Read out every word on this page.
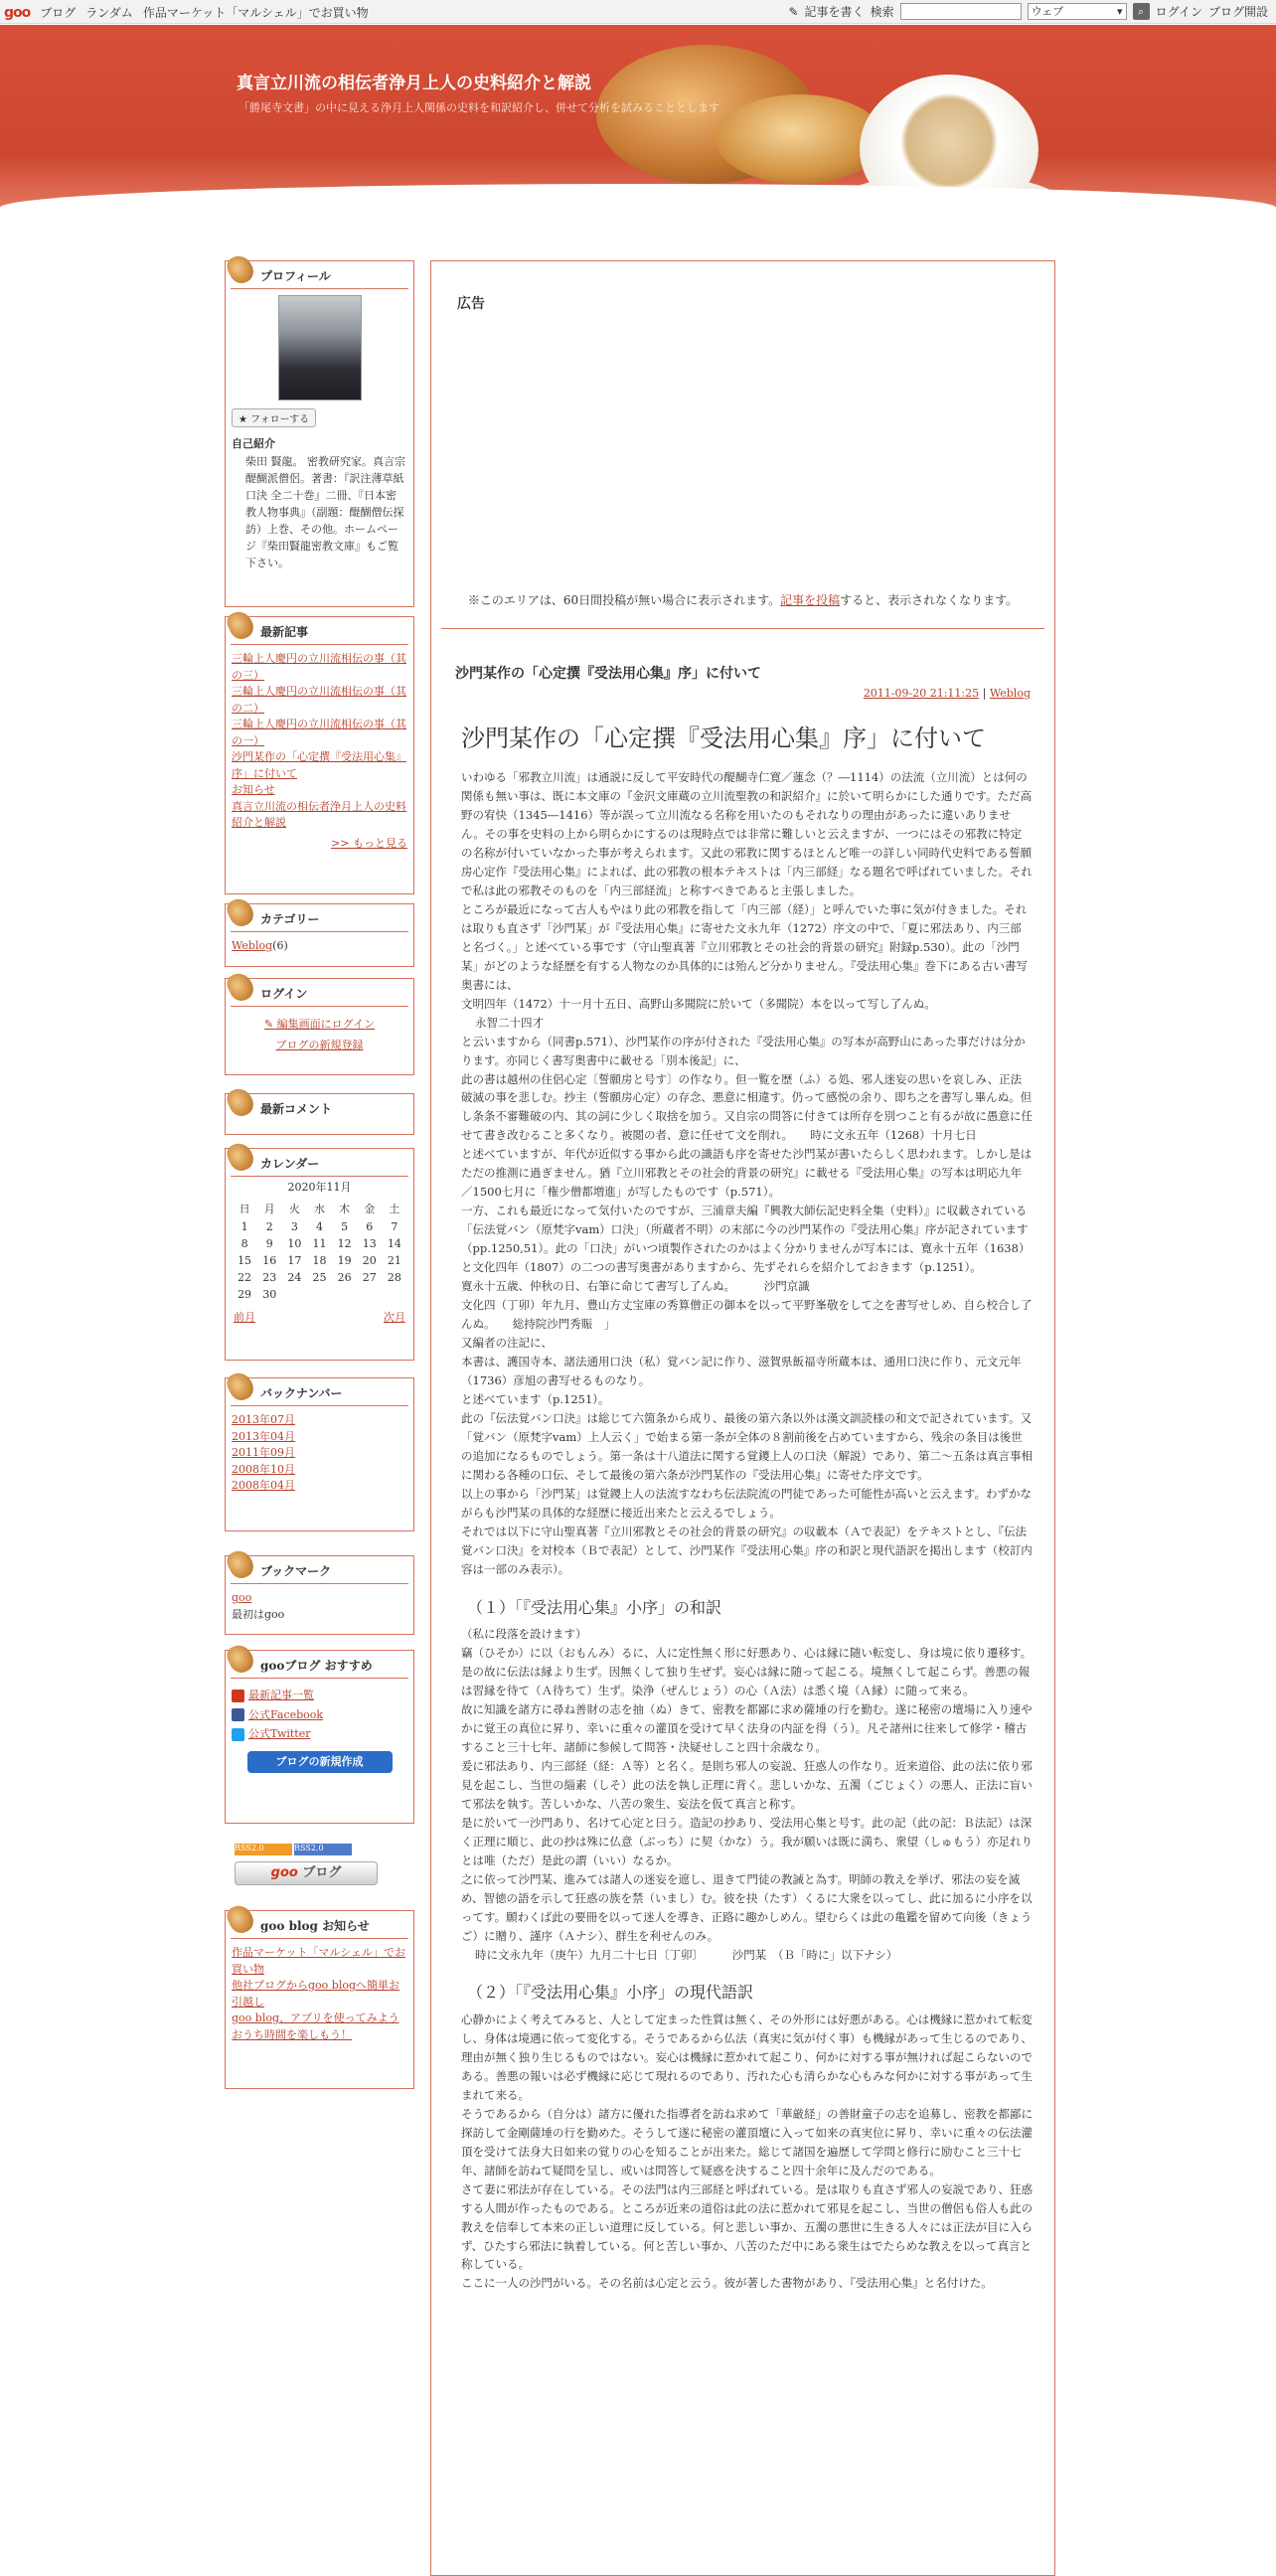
goo ブログ ランダム 作品マーケット「マルシェル」でお買い物	✎ 記事を書く 検索	ウェブ ▾	⌕ ログイン ブログ開設
真言立川流の相伝者浄月上人の史料紹介と解説
「勝尾寺文書」の中に見える浄月上人関係の史料を和訳紹介し、併せて分析を試みることとします
プロフィール
★ フォローする
自己紹介
柴田 賢龍。 密教研究家。真言宗醍醐派僧侶。著書：『訳注薄草紙口決 全二十巻』二冊、『日本密教人物事典』（副題：醍醐僧伝探訪）上巻、その他。ホームページ『柴田賢龍密教文庫』もご覧下さい。
最新記事
三輪上人慶円の立川流相伝の事（其の三）
三輪上人慶円の立川流相伝の事（其の二）
三輪上人慶円の立川流相伝の事（其の一）
沙門某作の「心定撰『受法用心集』序」に付いて
お知らせ
真言立川流の相伝者浄月上人の史料紹介と解説
>> もっと見る
カテゴリー
Weblog(6)
ログイン
✎ 編集画面にログイン
ブログの新規登録
最新コメント
カレンダー
2020年11月
日	月	火	水	木	金	土
1	2	3	4	5	6	7
8	9	10	11	12	13	14
15	16	17	18	19	20	21
22	23	24	25	26	27	28
29	30					
前月	次月
バックナンバー
2013年07月
2013年04月
2011年09月
2008年10月
2008年04月
ブックマーク
goo
最初はgoo
gooブログ おすすめ
最新記事一覧
公式Facebook
公式Twitter
ブログの新規作成
RSS2.0	RSS2.0
goo ブログ
goo blog お知らせ
作品マーケット「マルシェル」でお買い物
他社ブログからgoo blogへ簡単お引越し
goo blog、アプリを使ってみよう
おうち時間を楽しもう！
広告
※このエリアは、60日間投稿が無い場合に表示されます。記事を投稿すると、表示されなくなります。
沙門某作の「心定撰『受法用心集』序」に付いて
2011-09-20 21:11:25 | Weblog
沙門某作の「心定撰『受法用心集』序」に付いて

いわゆる「邪教立川流」は通説に反して平安時代の醍醐寺仁寛／蓮念（？―1114）の法流（立川流）とは何の関係も無い事は、既に本文庫の『金沢文庫蔵の立川流聖教の和訳紹介』に於いて明らかにした通りです。ただ高野の宥快（1345―1416）等が誤って立川流なる名称を用いたのもそれなりの理由があったに違いありません。その事を史料の上から明らかにするのは現時点では非常に難しいと云えますが、一つにはその邪教に特定の名称が付いていなかった事が考えられます。又此の邪教に関するほとんど唯一の詳しい同時代史料である誓願房心定作『受法用心集』によれば、此の邪教の根本テキストは「内三部経」なる題名で呼ばれていました。それで私は此の邪教そのものを「内三部経流」と称すべきであると主張しました。

ところが最近になって古人もやはり此の邪教を指して「内三部（経）」と呼んでいた事に気が付きました。それは取りも直さず「沙門某」が『受法用心集』に寄せた文永九年（1272）序文の中で、「夏に邪法あり、内三部と名づく。」と述べている事です（守山聖真著『立川邪教とその社会的背景の研究』附録p.530）。此の「沙門某」がどのような経歴を有する人物なのか具体的には殆んど分かりません。『受法用心集』巻下にある古い書写奥書には、

文明四年（1472）十一月十五日、高野山多聞院に於いて（多聞院）本を以って写し了んぬ。

永智二十四才

と云いますから（同書p.571）、沙門某作の序が付された『受法用心集』の写本が高野山にあった事だけは分かります。亦同じく書写奥書中に載せる「別本後記」に、

此の書は越州の住侶心定〔誓願房と号す〕の作なり。但一覧を歴（ふ）る処、邪人迷妄の思いを哀しみ、正法破滅の事を悲しむ。抄主（誓願房心定）の存念、悪意に相違す。仍って感悦の余り、即ち之を書写し畢んぬ。但し条条不審難破の内、其の詞に少しく取捨を加う。又自宗の問答に付きては所存を別つこと有るが故に愚意に任せて書き改むること多くなり。被閲の者、意に任せて文を削れ。　　時に文永五年（1268）十月七日

と述べていますが、年代が近似する事から此の識語も序を寄せた沙門某が書いたらしく思われます。しかし是はただの推測に過ぎません。猶『立川邪教とその社会的背景の研究』に載せる『受法用心集』の写本は明応九年／1500七月に「権少僧都増進」が写したものです（p.571）。

一方、これも最近になって気付いたのですが、三浦章夫編『興教大師伝記史料全集（史料）』に収載されている「伝法覚バン（原梵字vam）口決」（所蔵者不明）の末部に今の沙門某作の『受法用心集』序が記されています（pp.1250,51）。此の「口決」がいつ頃製作されたのかはよく分かりませんが写本には、寛永十五年（1638）と文化四年（1807）の二つの書写奥書がありますから、先ずそれらを紹介しておきます（p.1251）。

寛永十五歳、仲秋の日、右筆に命じて書写し了んぬ。　　　沙門京識

文化四（丁卯）年九月、豊山方丈宝庫の秀算僧正の御本を以って平野峯敬をして之を書写せしめ、自ら校合し了んぬ。　　総持院沙門秀賑　」

又編者の注記に、

本書は、護国寺本、諸法通用口決（私）覚バン記に作り、滋賀県飯福寺所蔵本は、通用口決に作り、元文元年（1736）彦旭の書写せるものなり。

と述べています（p.1251）。

此の『伝法覚バン口決』は総じて六箇条から成り、最後の第六条以外は漢文訓読様の和文で記されています。又「覚バン（原梵字vam）上人云く」で始まる第一条が全体の８割前後を占めていますから、残余の条目は後世の追加になるものでしょう。第一条は十八道法に関する覚鑁上人の口決（解説）であり、第二～五条は真言事相に関わる各種の口伝、そして最後の第六条が沙門某作の『受法用心集』に寄せた序文です。

以上の事から「沙門某」は覚鑁上人の法流すなわち伝法院流の門徒であった可能性が高いと云えます。わずかながらも沙門某の具体的な経歴に接近出来たと云えるでしょう。

それでは以下に守山聖真著『立川邪教とその社会的背景の研究』の収載本（Ａで表記）をテキストとし、『伝法覚バン口決』を対校本（Ｂで表記）として、沙門某作『受法用心集』序の和訳と現代語訳を掲出します（校訂内容は一部のみ表示）。

（１）「『受法用心集』小序」の和訳

（私に段落を設けます）

竊（ひそか）に以（おもんみ）るに、人に定性無く形に好悪あり、心は縁に随い転変し、身は境に依り遷移す。是の故に伝法は縁より生ず。因無くして独り生ぜず。妄心は縁に随って起こる。境無くして起こらず。善悪の報は習縁を待て（Ａ待ちて）生ず。染浄（ぜんじょう）の心（Ａ法）は悉く境（Ａ縁）に随って来る。

故に知識を諸方に尋ね善財の志を抽（ぬ）きて、密教を都鄙に求め薩埵の行を勤む。遂に秘密の壇場に入り速やかに覚王の真位に昇り、幸いに重々の灌頂を受けて早く法身の内証を得（う）。凡そ諸州に往来して修学・稽古すること三十七年、諸師に参候して問答・決疑せしこと四十余歳なり。

爰に邪法あり、内三部経（経：Ａ等）と名く。是則ち邪人の妄説、狂惑人の作なり。近来道俗、此の法に依り邪見を起こし、当世の緇素（しそ）此の法を執し正理に背く。悲しいかな、五濁（ごじょく）の悪人、正法に盲いて邪法を執す。苦しいかな、八苦の衆生、妄法を仮て真言と称す。

是に於いて一沙門あり、名けて心定と曰う。造記の抄あり、受法用心集と号す。此の記（此の記：Ｂ法記）は深く正理に順じ、此の抄は殊に仏意（ぶっち）に契（かな）う。我が願いは既に満ち、衆望（しゅもう）亦足れりとは唯（ただ）是此の謂（いい）なるか。

之に依って沙門某、進みては諸人の迷妄を遮し、退きて門徒の教誡と為す。明師の教えを挙げ、邪法の妄を滅め、智徳の語を示して狂惑の族を禁（いまし）む。彼を抉（たす）くるに大衆を以ってし、此に加るに小序を以ってす。願わくば此の要冊を以って迷人を導き、正路に趣かしめん。望むらくは此の亀鑑を留めて向後（きょうご）に贈り、謹序（Ａナシ）、群生を利せんのみ。

時に文永九年（庚午）九月二十七日〔丁卯〕　　　沙門某　（Ｂ「時に」以下ナシ）

（２）「『受法用心集』小序」の現代語訳

心静かによく考えてみると、人として定まった性質は無く、その外形には好悪がある。心は機縁に惹かれて転変し、身体は境遇に依って変化する。そうであるから仏法（真実に気が付く事）も機縁があって生じるのであり、理由が無く独り生じるものではない。妄心は機縁に惹かれて起こり、何かに対する事が無ければ起こらないのである。善悪の報いは必ず機縁に応じて現れるのであり、汚れた心も清らかな心もみな何かに対する事があって生まれて来る。

そうであるから（自分は）諸方に優れた指導者を訪ね求めて「華厳経」の善財童子の志を追募し、密教を都鄙に探訪して金剛薩埵の行を勤めた。そうして遂に秘密の灌頂壇に入って如来の真実位に昇り、幸いに重々の伝法灌頂を受けて法身大日如来の覚りの心を知ることが出来た。総じて諸国を遍歴して学問と修行に励むこと三十七年、諸師を訪ねて疑問を呈し、或いは問答して疑惑を決すること四十余年に及んだのである。

さて妻に邪法が存在している。その法門は内三部経と呼ばれている。是は取りも直さず邪人の妄説であり、狂惑する人間が作ったものである。ところが近来の道俗は此の法に惹かれて邪見を起こし、当世の僧侶も俗人も此の教えを信奉して本来の正しい道理に反している。何と悲しい事か、五濁の悪世に生きる人々には正法が目に入らず、ひたすら邪法に執着している。何と苦しい事か、八苦のただ中にある衆生はでたらめな教えを以って真言と称している。

ここに一人の沙門がいる。その名前は心定と云う。彼が著した書物があり、『受法用心集』と名付けた。
